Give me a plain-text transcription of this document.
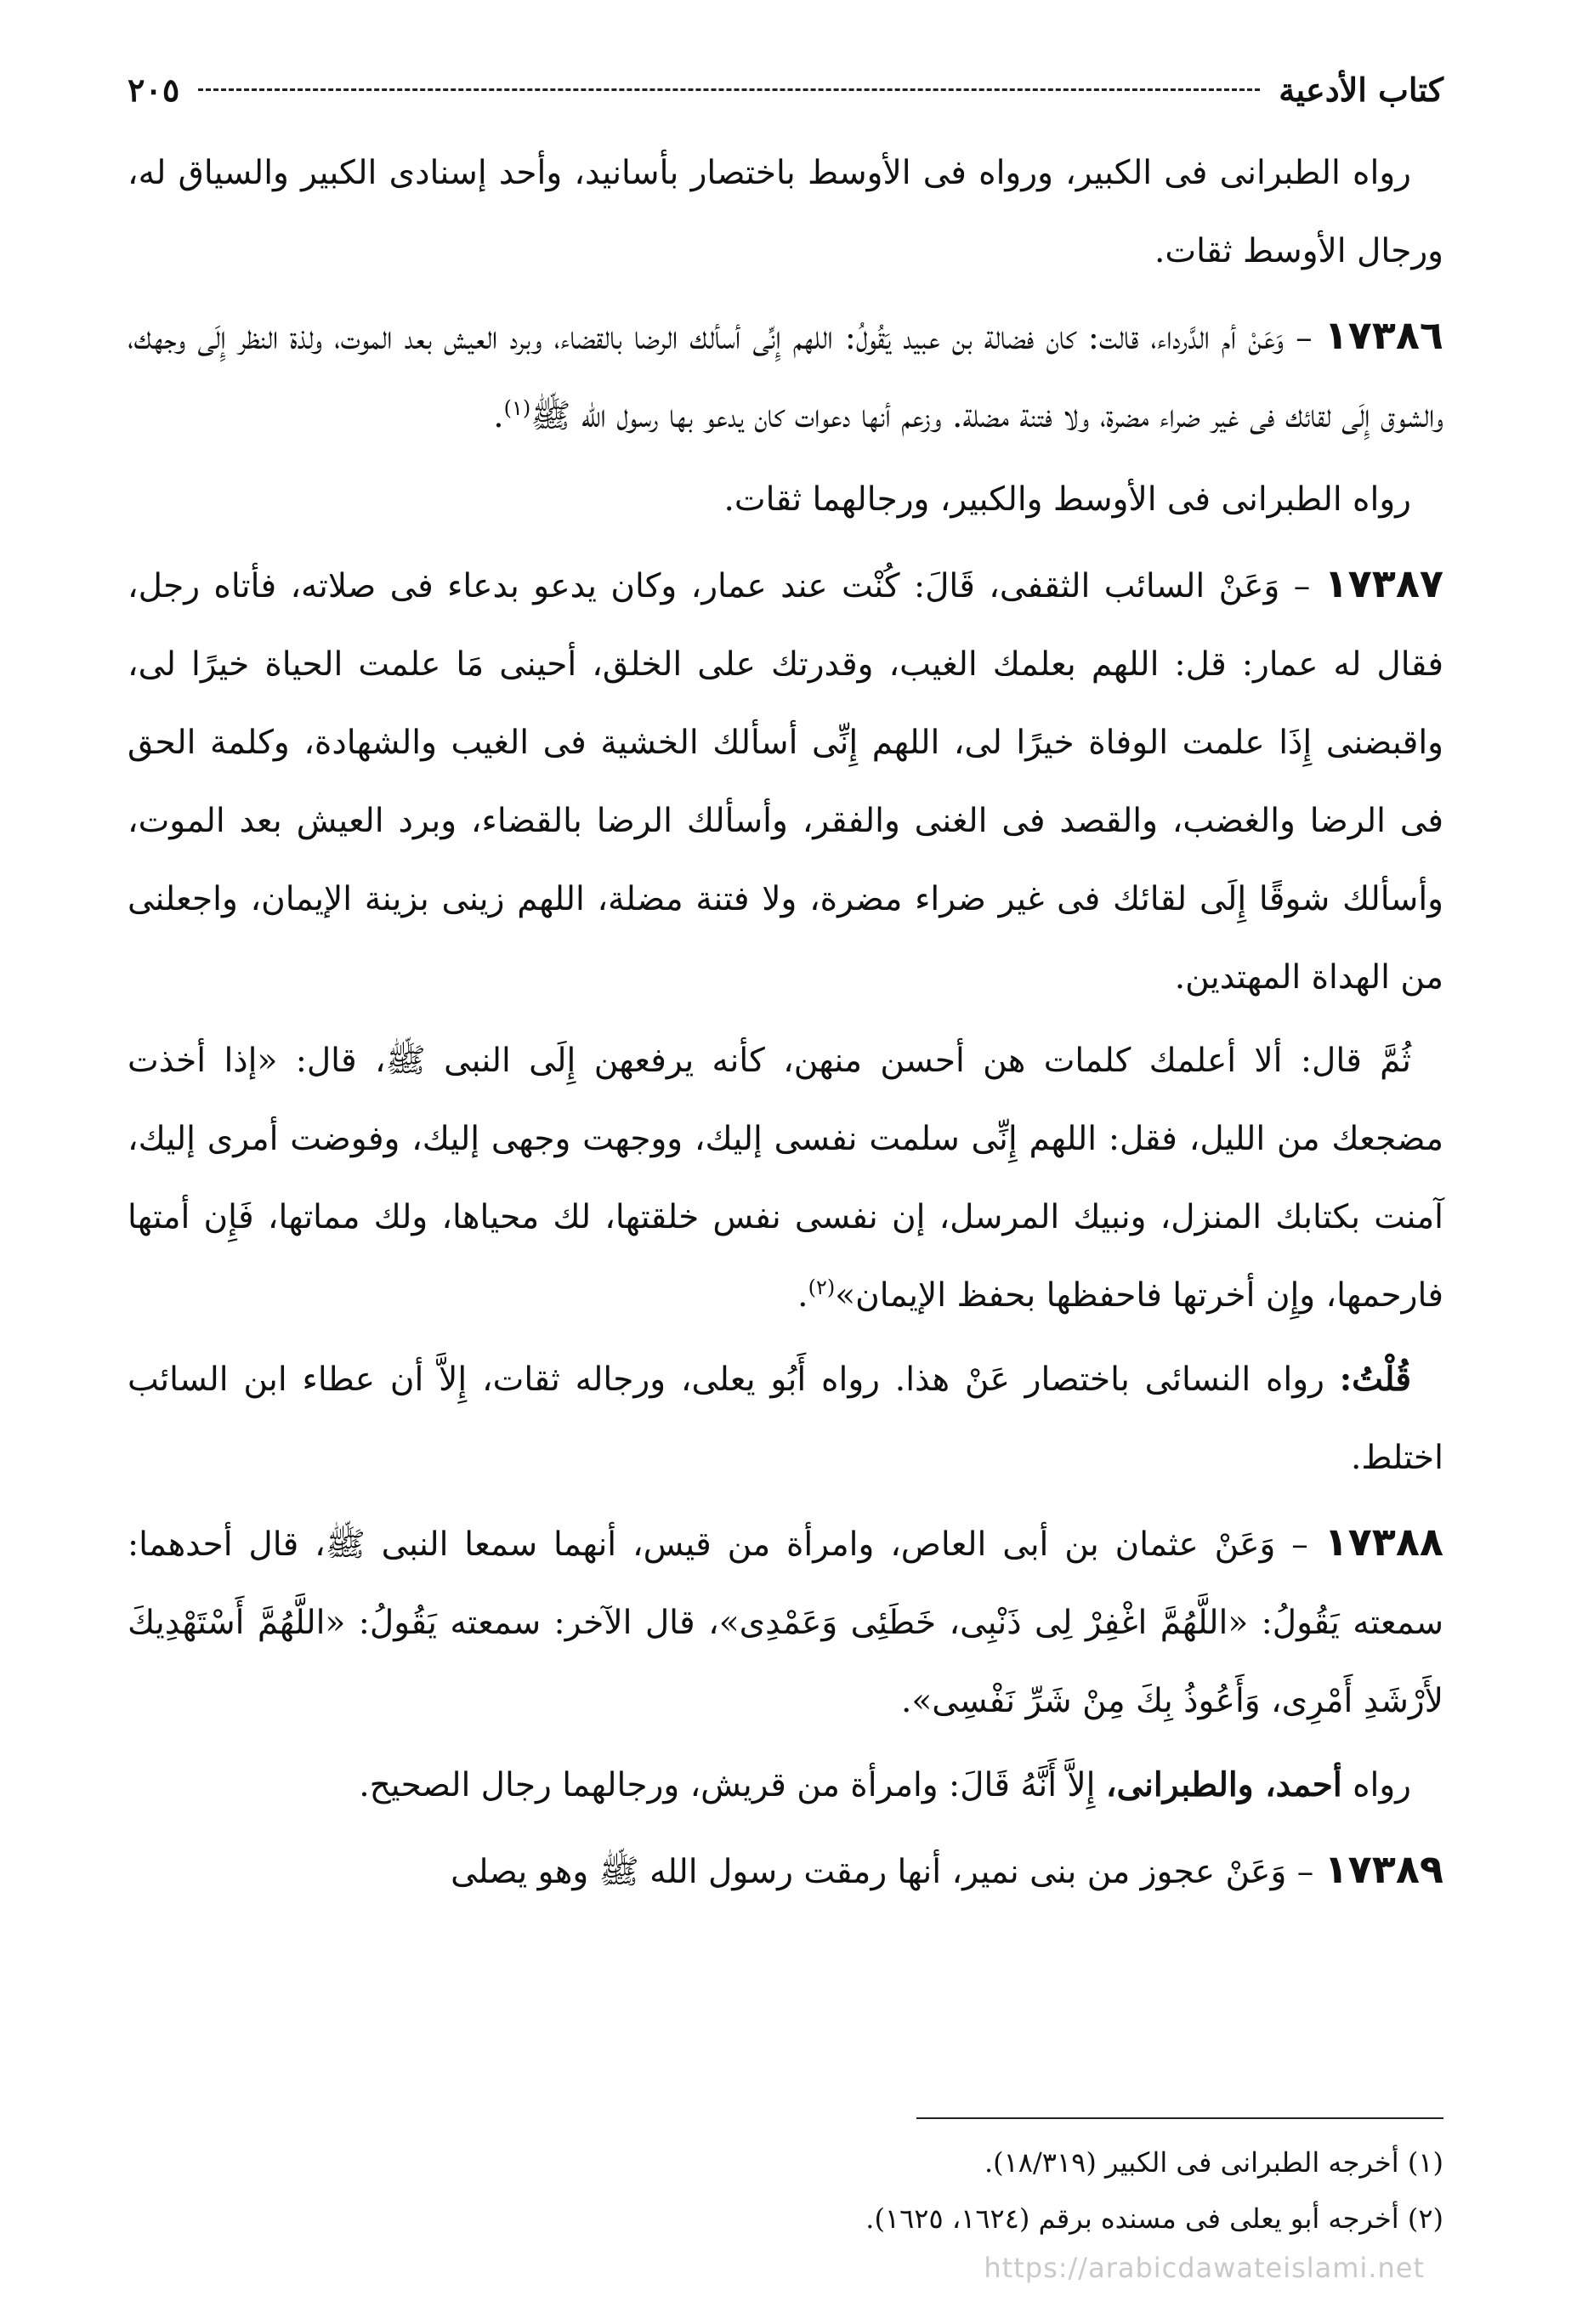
كتاب الأدعية
٢٠٥

رواه الطبرانى فى الكبير، ورواه فى الأوسط باختصار بأسانيد، وأحد إسنادى الكبير والسياق له، ورجال الأوسط ثقات.

١٧٣٨٦ – وَعَنْ أم الدَّرداء، قالت: كان فضالة بن عبيد يَقُولُ: اللهم إِنِّى أسألك الرضا بالقضاء، وبرد العيش بعد الموت، ولذة النظر إِلَى وجهك، والشوق إِلَى لقائك فى غير ضراء مضرة، ولا فتنة مضلة. وزعم أنها دعوات كان يدعو بها رسول الله ﷺ$^{(١)}$.

رواه الطبرانى فى الأوسط والكبير، ورجالهما ثقات.

١٧٣٨٧ – وَعَنْ السائب الثقفى، قَالَ: كُنْت عند عمار، وكان يدعو بدعاء فى صلاته، فأتاه رجل، فقال له عمار: قل: اللهم بعلمك الغيب، وقدرتك على الخلق، أحينى مَا علمت الحياة خيرًا لى، واقبضنى إِذَا علمت الوفاة خيرًا لى، اللهم إِنِّى أسألك الخشية فى الغيب والشهادة، وكلمة الحق فى الرضا والغضب، والقصد فى الغنى والفقر، وأسألك الرضا بالقضاء، وبرد العيش بعد الموت، وأسألك شوقًا إِلَى لقائك فى غير ضراء مضرة، ولا فتنة مضلة، اللهم زينى بزينة الإيمان، واجعلنى من الهداة المهتدين.

ثُمَّ قال: ألا أعلمك كلمات هن أحسن منهن، كأنه يرفعهن إِلَى النبى ﷺ، قال: «إذا أخذت مضجعك من الليل، فقل: اللهم إِنِّى سلمت نفسى إليك، ووجهت وجهى إليك، وفوضت أمرى إليك، آمنت بكتابك المنزل، ونبيك المرسل، إن نفسى نفس خلقتها، لك محياها، ولك مماتها، فَإِن أمتها فارحمها، وإِن أخرتها فاحفظها بحفظ الإيمان»$^{(٢)}$.

قُلْتُ: رواه النسائى باختصار عَنْ هذا. رواه أَبُو يعلى، ورجاله ثقات، إِلاَّ أن عطاء ابن السائب اختلط.

١٧٣٨٨ – وَعَنْ عثمان بن أبى العاص، وامرأة من قيس، أنهما سمعا النبى ﷺ، قال أحدهما: سمعته يَقُولُ: «اللَّهُمَّ اغْفِرْ لِى ذَنْبِى، خَطَئِى وَعَمْدِى»، قال الآخر: سمعته يَقُولُ: «اللَّهُمَّ أَسْتَهْدِيكَ لأَرْشَدِ أَمْرِى، وَأَعُوذُ بِكَ مِنْ شَرِّ نَفْسِى».

رواه أحمد، والطبرانى، إِلاَّ أَنَّهُ قَالَ: وامرأة من قريش، ورجالهما رجال الصحيح.

١٧٣٨٩ – وَعَنْ عجوز من بنى نمير، أنها رمقت رسول الله ﷺ وهو يصلى

(١) أخرجه الطبرانى فى الكبير (١٨/٣١٩).

(٢) أخرجه أبو يعلى فى مسنده برقم (١٦٢٤، ١٦٢٥).

https://arabicdawateislami.net
